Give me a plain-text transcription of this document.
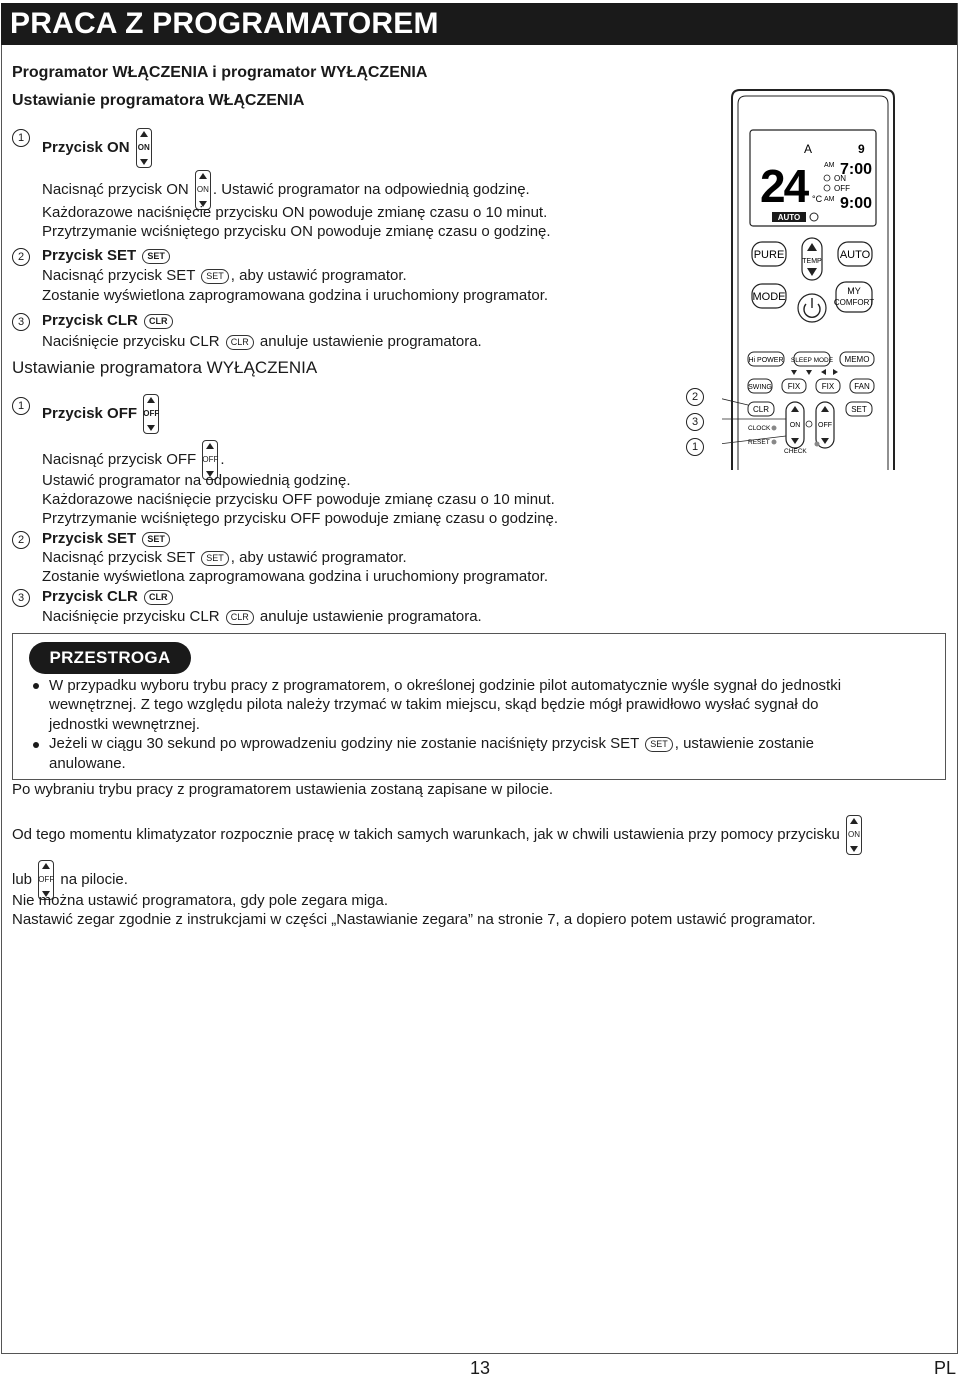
PRACA Z PROGRAMATOREM
Programator WŁĄCZENIA i programator WYŁĄCZENIA
Ustawianie programatora WŁĄCZENIA
1
Przycisk ON ON
Nacisnąć przycisk ON ON . Ustawić programator na odpowiednią godzinę.
Każdorazowe naciśnięcie przycisku ON powoduje zmianę czasu o 10 minut.
Przytrzymanie wciśniętego przycisku ON powoduje zmianę czasu o godzinę.
2	Przycisk SET SET
Nacisnąć przycisk SET SET , aby ustawić programator.
Zostanie wyświetlona zaprogramowana godzina i uruchomiony programator.
3	Przycisk CLR CLR
Naciśnięcie przycisku CLR CLR anuluje ustawienie programatora.
Ustawianie programatora WYŁĄCZENIA
1	Przycisk OFF OFF
Nacisnąć przycisk OFF OFF .
Ustawić programator na odpowiednią godzinę.
Każdorazowe naciśnięcie przycisku OFF powoduje zmianę czasu o 10 minut.
Przytrzymanie wciśniętego przycisku OFF powoduje zmianę czasu o godzinę.
2	Przycisk SET SET
Nacisnąć przycisk SET SET , aby ustawić programator.
Zostanie wyświetlona zaprogramowana godzina i uruchomiony programator.
3	Przycisk CLR CLR
Naciśnięcie przycisku CLR CLR anuluje ustawienie programatora.
A	9
24 °C
AM 7:00
ON
OFF
AM 9:00
AUTO
PURE
TEMP
AUTO
MODE	MY
COMFORT
Hi POWER SLEEP MODE MEMO
SWING FIX	FIX FAN
CLR
ON	OFF
SET
CLOCK
RESET
CHECK
2
3
1
PRZESTROGA
W przypadku wyboru trybu pracy z programatorem, o określonej godzinie pilot automatycznie wyśle sygnał do jednostki
wewnętrznej. Z tego względu pilota należy trzymać w takim miejscu, skąd będzie mógł prawidłowo wysłać sygnał do
jednostki wewnętrznej.
Jeżeli w ciągu 30 sekund po wprowadzeniu godziny nie zostanie naciśnięty przycisk SET SET , ustawienie zostanie
anulowane.
Po wybraniu trybu pracy z programatorem ustawienia zostaną zapisane w pilocie.
Od tego momentu klimatyzator rozpocznie pracę w takich samych warunkach, jak w chwili ustawienia przy pomocy przycisku ON
lub OFF na pilocie.
Nie można ustawić programatora, gdy pole zegara miga.
Nastawić zegar zgodnie z instrukcjami w części „Nastawianie zegara” na stronie 7, a dopiero potem ustawić programator.
13	PL
